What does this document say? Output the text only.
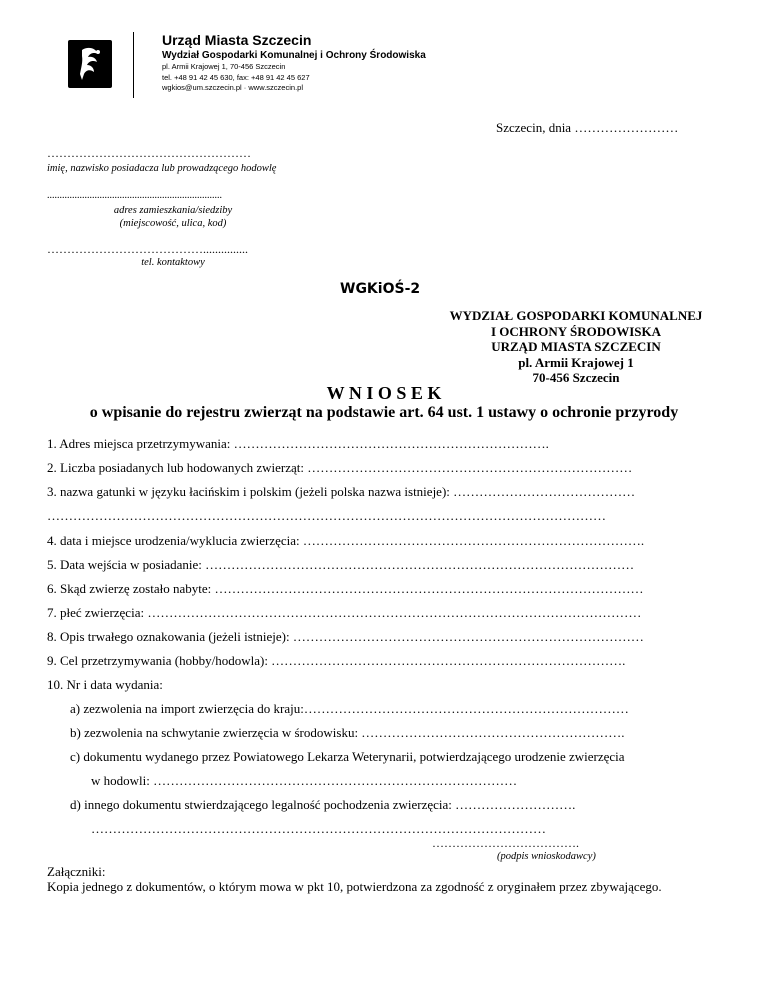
Urząd Miasta Szczecin
Wydział Gospodarki Komunalnej i Ochrony Środowiska
pl. Armii Krajowej 1, 70-456 Szczecin
tel. +48 91 42 45 630, fax: +48 91 42 45 627
wgkios@um.szczecin.pl · www.szczecin.pl
Szczecin, dnia ……………………
……………………………………………
imię, nazwisko posiadacza lub prowadzącego hodowlę
......................................................................
adres zamieszkania/siedziby
(miejscowość, ulica, kod)
…………………………………...............
tel. kontaktowy
WGKiOŚ-2
WYDZIAŁ GOSPODARKI KOMUNALNEJ
I OCHRONY ŚRODOWISKA
URZĄD MIASTA SZCZECIN
pl. Armii Krajowej 1
70-456 Szczecin
W N I O S E K
o wpisanie do rejestru zwierząt na podstawie art. 64 ust. 1 ustawy o ochronie przyrody
1. Adres miejsca przetrzymywania: ……………………………………………………………….
2. Liczba posiadanych lub hodowanych zwierząt: …………………………………………………………………
3. nazwa gatunki w języku łacińskim i polskim (jeżeli polska nazwa istnieje): ……………………………………
…………………………………………………………………………………………………………………
4. data i miejsce urodzenia/wyklucia zwierzęcia: …………………………………………………………………….
5. Data wejścia w posiadanie: ………………………………………………………………………………………
6. Skąd zwierzę zostało nabyte: ………………………………………………………………………………………
7. płeć zwierzęcia: ……………………………………………………………………………………………………
8. Opis trwałego oznakowania (jeżeli istnieje): ………………………………………………………………………
9. Cel przetrzymywania (hobby/hodowla): ……………………………………………………………………….
10. Nr i data wydania:
a) zezwolenia na import zwierzęcia do kraju:…………………………………………………………………
b) zezwolenia na schwytanie zwierzęcia w środowisku: …………………………………………………….
c) dokumentu wydanego przez Powiatowego Lekarza Weterynarii, potwierdzającego urodzenie zwierzęcia
w hodowli: …………………………………………………………………………
d) innego dokumentu stwierdzającego legalność pochodzenia zwierzęcia: ……………………….
……………………………………………………………………………………………
……………………………….
(podpis wnioskodawcy)
Załączniki:
Kopia jednego z dokumentów, o którym mowa w pkt 10, potwierdzona za zgodność z oryginałem przez zbywającego.
